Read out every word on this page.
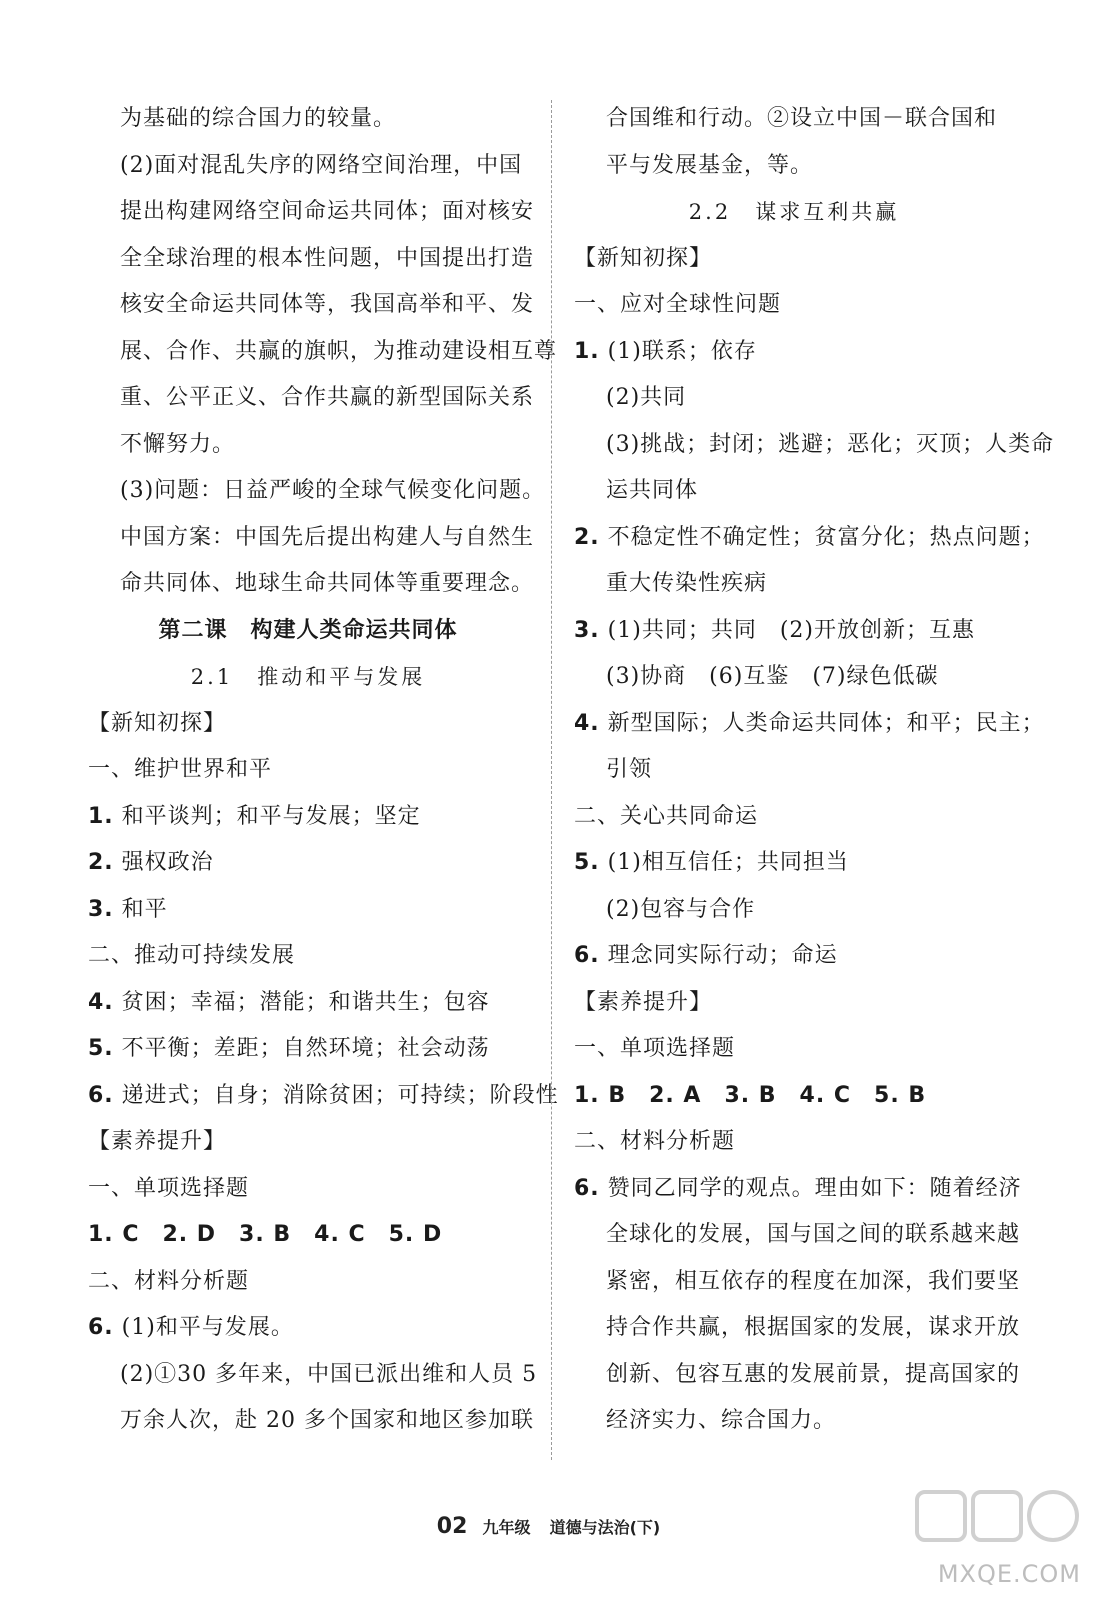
为基础的综合国力的较量。
(2)面对混乱失序的网络空间治理，中国
提出构建网络空间命运共同体；面对核安
全全球治理的根本性问题，中国提出打造
核安全命运共同体等，我国高举和平、发
展、合作、共赢的旗帜，为推动建设相互尊
重、公平正义、合作共赢的新型国际关系
不懈努力。
(3)问题：日益严峻的全球气候变化问题。
中国方案：中国先后提出构建人与自然生
命共同体、地球生命共同体等重要理念。
第二课　构建人类命运共同体
2.1　推动和平与发展
【新知初探】
一、维护世界和平
1. 和平谈判；和平与发展；坚定
2. 强权政治
3. 和平
二、推动可持续发展
4. 贫困；幸福；潜能；和谐共生；包容
5. 不平衡；差距；自然环境；社会动荡
6. 递进式；自身；消除贫困；可持续；阶段性
【素养提升】
一、单项选择题
1. C　2. D　3. B　4. C　5. D
二、材料分析题
6. (1)和平与发展。
(2)①30 多年来，中国已派出维和人员 5
万余人次，赴 20 多个国家和地区参加联
合国维和行动。②设立中国－联合国和
平与发展基金，等。
2.2　谋求互利共赢
【新知初探】
一、应对全球性问题
1. (1)联系；依存
(2)共同
(3)挑战；封闭；逃避；恶化；灭顶；人类命
运共同体
2. 不稳定性不确定性；贫富分化；热点问题；
重大传染性疾病
3. (1)共同；共同　(2)开放创新；互惠
(3)协商　(6)互鉴　(7)绿色低碳
4. 新型国际；人类命运共同体；和平；民主；
引领
二、关心共同命运
5. (1)相互信任；共同担当
(2)包容与合作
6. 理念同实际行动；命运
【素养提升】
一、单项选择题
1. B　2. A　3. B　4. C　5. B
二、材料分析题
6. 赞同乙同学的观点。理由如下：随着经济
全球化的发展，国与国之间的联系越来越
紧密，相互依存的程度在加深，我们要坚
持合作共赢，根据国家的发展，谋求开放
创新、包容互惠的发展前景，提高国家的
经济实力、综合国力。
02 九年级 道德与法治(下)
MXQE.COM
